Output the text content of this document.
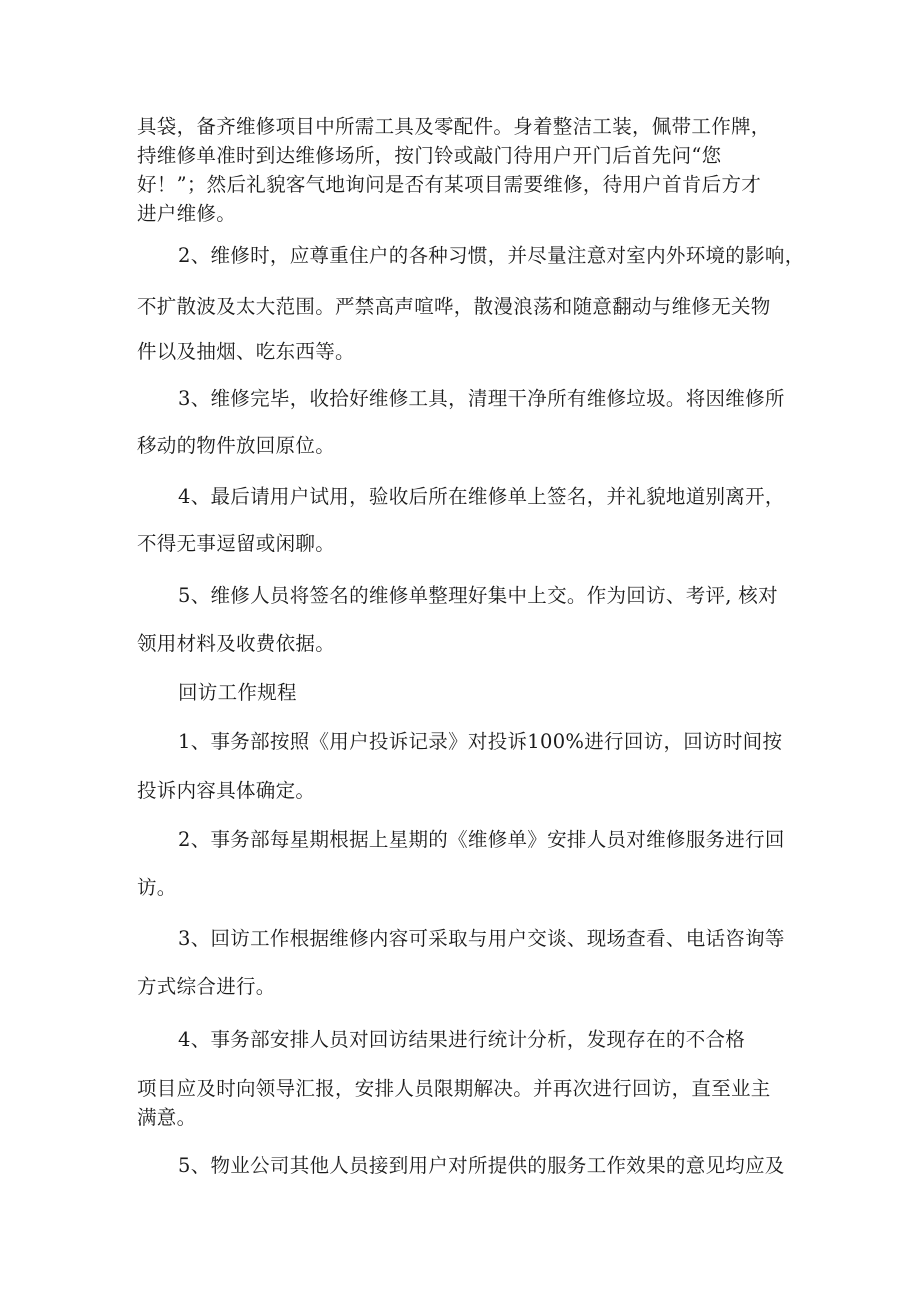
具袋，备齐维修项目中所需工具及零配件。身着整洁工装，佩带工作牌，
持维修单准时到达维修场所，按门铃或敲门待用户开门后首先问“您
好！”；然后礼貌客气地询问是否有某项目需要维修，待用户首肯后方才
进户维修。
2、维修时，应尊重住户的各种习惯，并尽量注意对室内外环境的影响，
不扩散波及太大范围。严禁高声喧哗，散漫浪荡和随意翻动与维修无关物
件以及抽烟、吃东西等。
3、维修完毕，收拾好维修工具，清理干净所有维修垃圾。将因维修所
移动的物件放回原位。
4、最后请用户试用，验收后所在维修单上签名，并礼貌地道别离开，
不得无事逗留或闲聊。
5、维修人员将签名的维修单整理好集中上交。作为回访、考评, 核对
领用材料及收费依据。
回访工作规程
1、事务部按照《用户投诉记录》对投诉100%进行回访，回访时间按
投诉内容具体确定。
2、事务部每星期根据上星期的《维修单》安排人员对维修服务进行回
访。
3、回访工作根据维修内容可采取与用户交谈、现场查看、电话咨询等
方式综合进行。
4、事务部安排人员对回访结果进行统计分析，发现存在的不合格
项目应及时向领导汇报，安排人员限期解决。并再次进行回访，直至业主
满意。
5、物业公司其他人员接到用户对所提供的服务工作效果的意见均应及
